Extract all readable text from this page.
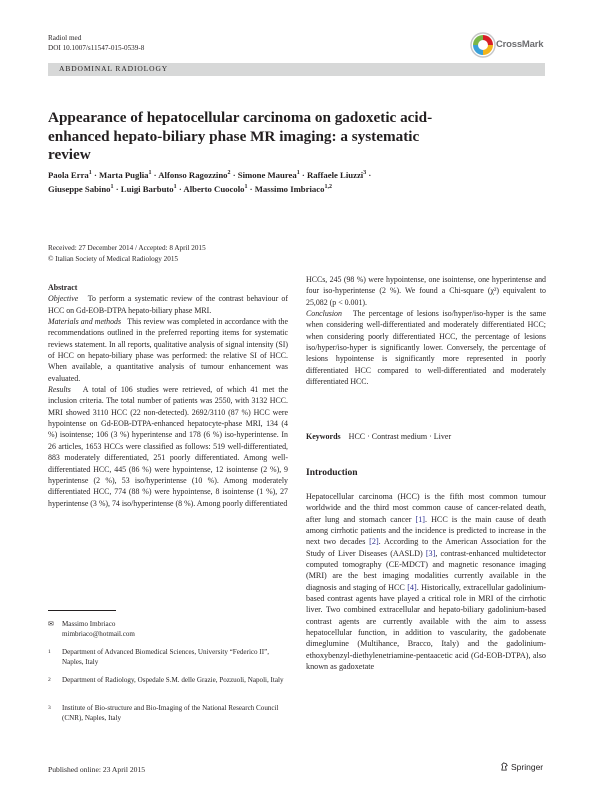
Radiol med
DOI 10.1007/s11547-015-0539-8	CrossMark
ABDOMINAL RADIOLOGY
Appearance of hepatocellular carcinoma on gadoxetic acid-enhanced hepato-biliary phase MR imaging: a systematic review
Paola Erra$^1$ · Marta Puglia$^1$ · Alfonso Ragozzino$^2$ · Simone Maurea$^1$ · Raffaele Liuzzi$^3$ · Giuseppe Sabino$^1$ · Luigi Barbuto$^1$ · Alberto Cuocolo$^1$ · Massimo Imbriaco$^{1,2}$
Received: 27 December 2014 / Accepted: 8 April 2015
© Italian Society of Medical Radiology 2015

Abstract

Objective To perform a systematic review of the contrast behaviour of HCC on Gd-EOB-DTPA hepato-biliary phase MRI.

Materials and methods This review was completed in accordance with the recommendations outlined in the preferred reporting items for systematic reviews statement. In all reports, qualitative analysis of signal intensity (SI) of HCC on hepato-biliary phase was performed: the relative SI of HCC. When available, a quantitative analysis of tumour enhancement was evaluated.

Results A total of 106 studies were retrieved, of which 41 met the inclusion criteria. The total number of patients was 2550, with 3132 HCC. MRI showed 3110 HCC (22 non-detected). 2692/3110 (87 %) HCC were hypointense on Gd-EOB-DTPA-enhanced hepatocyte-phase MRI, 134 (4 %) isointense; 106 (3 %) hyperintense and 178 (6 %) iso-hyperintense. In 26 articles, 1653 HCCs were classified as follows: 519 well-differentiated, 883 moderately differentiated, 251 poorly differentiated. Among well-differentiated HCC, 445 (86 %) were hypointense, 12 isointense (2 %), 9 hyperintense (2 %), 53 iso/hyperintense (10 %). Among moderately differentiated HCC, 774 (88 %) were hypointense, 8 isointense (1 %), 27 hyperintense (3 %), 74 iso/hyperintense (8 %). Among poorly differentiated

HCCs, 245 (98 %) were hypointense, one isointense, one hyperintense and four iso-hyperintense (2 %). We found a Chi-square (χ²) equivalent to 25,082 (p < 0.001).

Conclusion The percentage of lesions iso/hyper/iso-hyper is the same when considering well-differentiated and moderately differentiated HCC; when considering poorly differentiated HCC, the percentage of lesions iso/hyper/iso-hyper is significantly lower. Conversely, the percentage of lesions hypointense is significantly more represented in poorly differentiated HCC compared to well-differentiated and moderately differentiated HCC.

Keywords HCC · Contrast medium · Liver
Introduction
Hepatocellular carcinoma (HCC) is the fifth most common tumour worldwide and the third most common cause of cancer-related death, after lung and stomach cancer [1]. HCC is the main cause of death among cirrhotic patients and the incidence is predicted to increase in the next two decades [2]. According to the American Association for the Study of Liver Diseases (AASLD) [3], contrast-enhanced multidetector computed tomography (CE-MDCT) and magnetic resonance imaging (MRI) are the best imaging modalities currently available in the diagnosis and staging of HCC [4]. Historically, extracellular gadolinium-based contrast agents have played a critical role in MRI of the cirrhotic liver. Two combined extracellular and hepato-biliary gadolinium-based contrast agents are currently available with the aim to assess hepatocellular function, in addition to vascularity, the gadobenate dimeglumine (Multihance, Bracco, Italy) and the gadolinium-ethoxybenzyl-diethylenetriamine-pentaacetic acid (Gd-EOB-DTPA), also known as gadoxetate
✉ Massimo Imbriaco
mimbriaco@hotmail.com
1 Department of Advanced Biomedical Sciences, University “Federico II”, Naples, Italy
2 Department of Radiology, Ospedale S.M. delle Grazie, Pozzuoli, Napoli, Italy
3 Institute of Bio-structure and Bio-Imaging of the National Research Council (CNR), Naples, Italy
Published online: 23 April 2015	Springer
